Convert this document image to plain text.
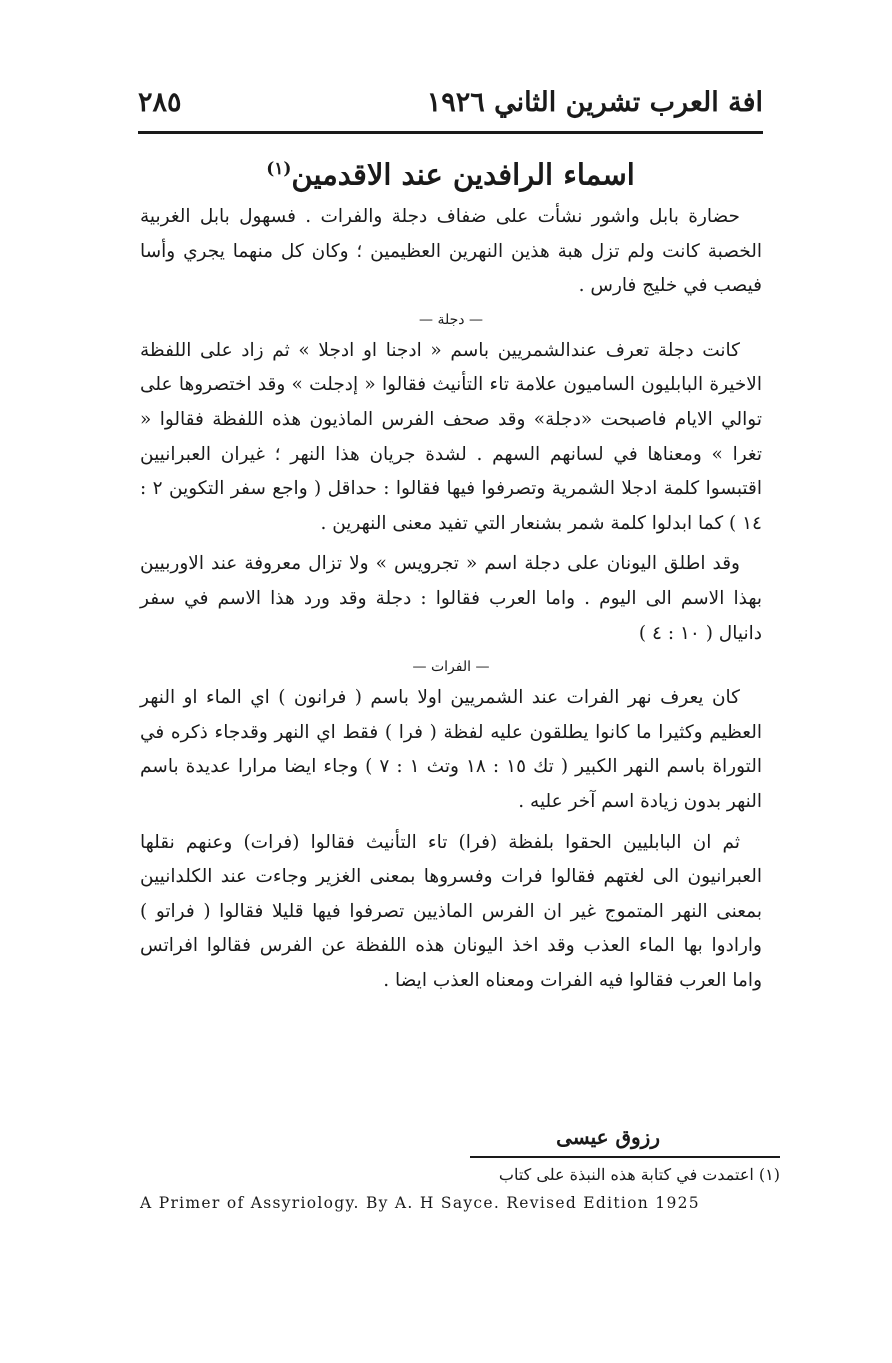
افة العرب تشرين الثاني ١٩٢٦
٢٨٥
اسماء الرافدين عند الاقدمين$^{(١)}$

حضارة بابل واشور نشأت على ضفاف دجلة والفرات . فسهول بابل الغربية الخصبة كانت ولم تزل هبة هذين النهرين العظيمين ؛ وكان كل منهما يجري وأسا فيصب في خليج فارس .

— دجلة —

كانت دجلة تعرف عندالشمريين باسم « ادجنا او ادجلا » ثم زاد على اللفظة الاخيرة البابليون الساميون علامة تاء التأنيث فقالوا « إدجلت » وقد اختصروها على توالي الايام فاصبحت «دجلة» وقد صحف الفرس الماذيون هذه اللفظة فقالوا « تغرا » ومعناها في لسانهم السهم . لشدة جريان هذا النهر ؛ غيران العبرانيين اقتبسوا كلمة ادجلا الشمرية وتصرفوا فيها فقالوا : حداقل ( واجع سفر التكوين ٢ : ١٤ ) كما ابدلوا كلمة شمر بشنعار التي تفيد معنى النهرين .

وقد اطلق اليونان على دجلة اسم « تجرويس » ولا تزال معروفة عند الاوربيين بهذا الاسم الى اليوم . واما العرب فقالوا : دجلة وقد ورد هذا الاسم في سفر دانيال ( ١٠ : ٤ )

— الفرات —

كان يعرف نهر الفرات عند الشمريين اولا باسم ( فرانون ) اي الماء او النهر العظيم وكثيرا ما كانوا يطلقون عليه لفظة ( فرا ) فقط اي النهر وقدجاء ذكره في التوراة باسم النهر الكبير ( تك ١٥ : ١٨ وتث ١ : ٧ ) وجاء ايضا مرارا عديدة باسم النهر بدون زيادة اسم آخر عليه .

ثم ان البابليين الحقوا بلفظة (فرا) تاء التأنيث فقالوا (فرات) وعنهم نقلها العبرانيون الى لغتهم فقالوا فرات وفسروها بمعنى الغزير وجاءت عند الكلدانيين بمعنى النهر المتموج غير ان الفرس الماذيين تصرفوا فيها قليلا فقالوا ( فراتو ) وارادوا بها الماء العذب وقد اخذ اليونان هذه اللفظة عن الفرس فقالوا افراتس واما العرب فقالوا فيه الفرات ومعناه العذب ايضا .

رزوق عيسى
(١) اعتمدت في كتابة هذه النبذة على كتاب
A Primer of Assyriology. By A. H Sayce. Revised Edition 1925
